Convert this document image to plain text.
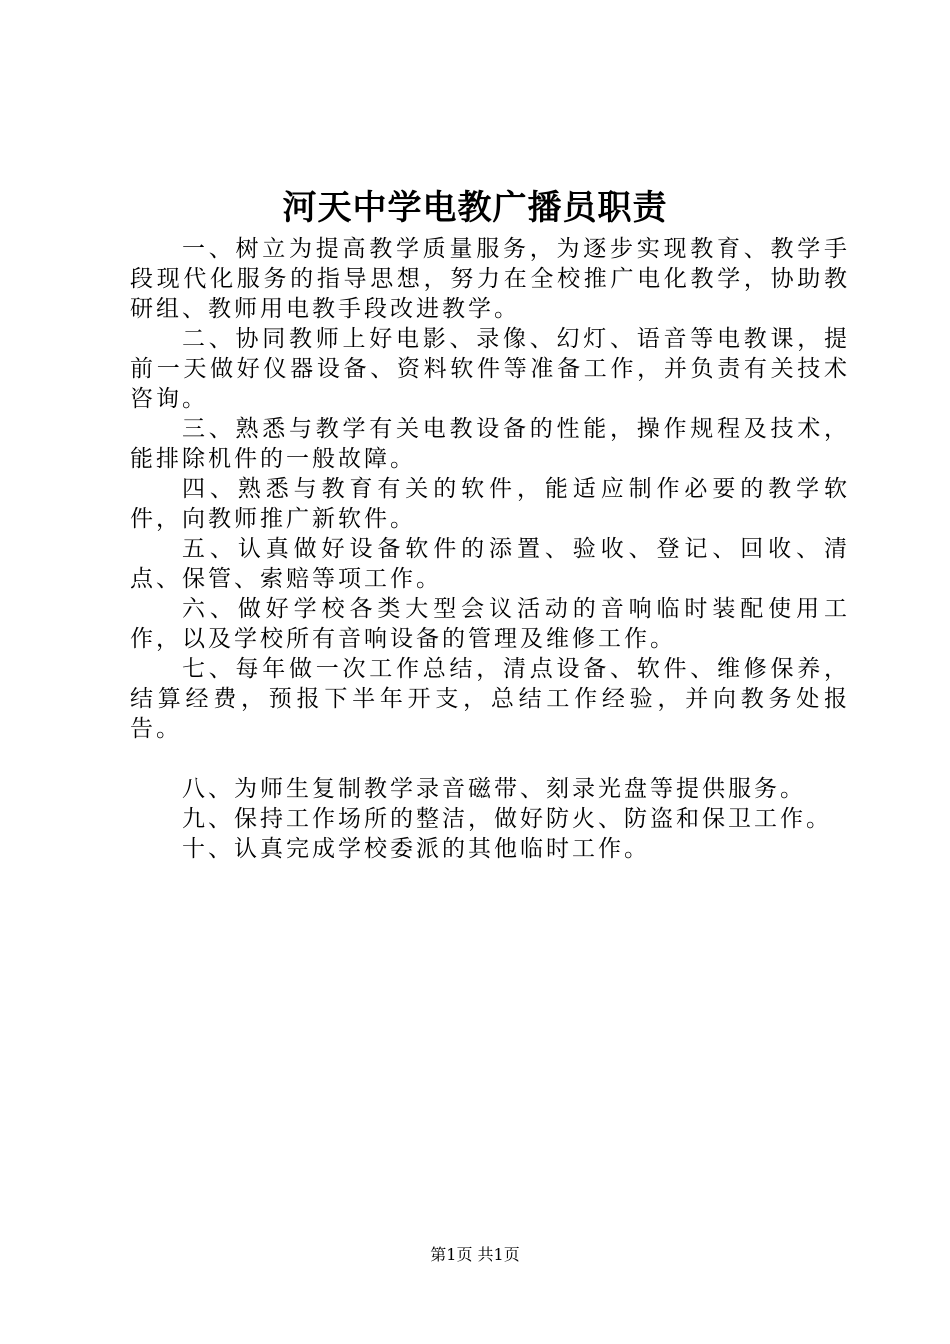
河天中学电教广播员职责

一、树立为提高教学质量服务，为逐步实现教育、教学手段现代化服务的指导思想，努力在全校推广电化教学，协助教研组、教师用电教手段改进教学。

二、协同教师上好电影、录像、幻灯、语音等电教课，提前一天做好仪器设备、资料软件等准备工作，并负责有关技术咨询。

三、熟悉与教学有关电教设备的性能，操作规程及技术，能排除机件的一般故障。

四、熟悉与教育有关的软件，能适应制作必要的教学软件，向教师推广新软件。

五、认真做好设备软件的添置、验收、登记、回收、清点、保管、索赔等项工作。

六、做好学校各类大型会议活动的音响临时装配使用工作，以及学校所有音响设备的管理及维修工作。

七、每年做一次工作总结，清点设备、软件、维修保养，结算经费，预报下半年开支，总结工作经验，并向教务处报告。

八、为师生复制教学录音磁带、刻录光盘等提供服务。

九、保持工作场所的整洁，做好防火、防盗和保卫工作。

十、认真完成学校委派的其他临时工作。

第1页 共1页
